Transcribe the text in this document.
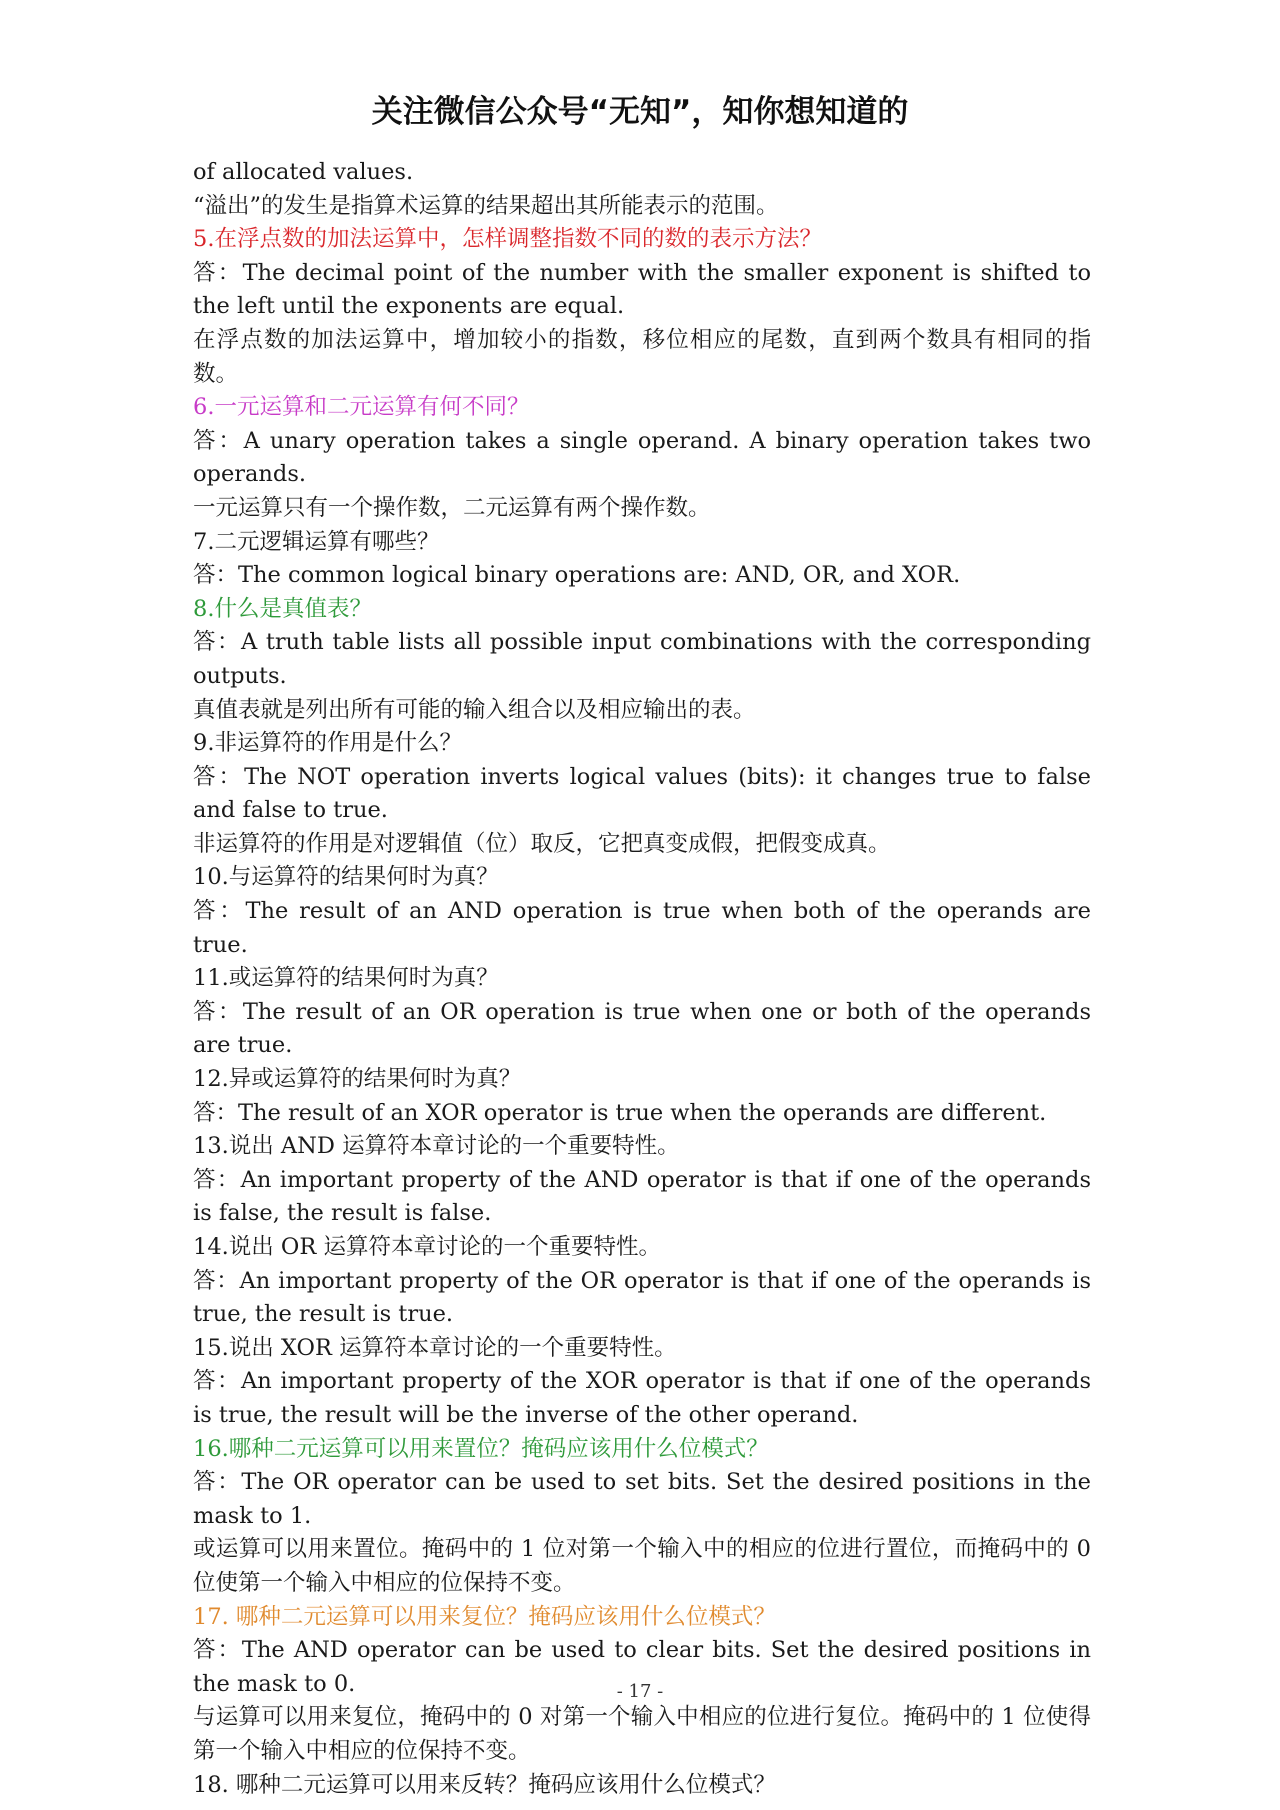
关注微信公众号“无知”，知你想知道的

of allocated values.

“溢出”的发生是指算术运算的结果超出其所能表示的范围。

5.在浮点数的加法运算中，怎样调整指数不同的数的表示方法？

答：The decimal point of the number with the smaller exponent is shifted to the left until the exponents are equal.

在浮点数的加法运算中，增加较小的指数，移位相应的尾数，直到两个数具有相同的指数。

6.一元运算和二元运算有何不同？

答：A unary operation takes a single operand. A binary operation takes two operands.

一元运算只有一个操作数，二元运算有两个操作数。

7.二元逻辑运算有哪些？

答：The common logical binary operations are: AND, OR, and XOR.

8.什么是真值表？

答：A truth table lists all possible input combinations with the corresponding outputs.

真值表就是列出所有可能的输入组合以及相应输出的表。

9.非运算符的作用是什么？

答：The NOT operation inverts logical values (bits): it changes true to false and false to true.

非运算符的作用是对逻辑值（位）取反，它把真变成假，把假变成真。

10.与运算符的结果何时为真？

答：The result of an AND operation is true when both of the operands are true.

11.或运算符的结果何时为真？

答：The result of an OR operation is true when one or both of the operands are true.

12.异或运算符的结果何时为真？

答：The result of an XOR operator is true when the operands are different.

13.说出 AND 运算符本章讨论的一个重要特性。

答：An important property of the AND operator is that if one of the operands is false, the result is false.

14.说出 OR 运算符本章讨论的一个重要特性。

答：An important property of the OR operator is that if one of the operands is true, the result is true.

15.说出 XOR 运算符本章讨论的一个重要特性。

答：An important property of the XOR operator is that if one of the operands is true, the result will be the inverse of the other operand.

16.哪种二元运算可以用来置位？掩码应该用什么位模式？

答：The OR operator can be used to set bits. Set the desired positions in the mask to 1.

或运算可以用来置位。掩码中的 1 位对第一个输入中的相应的位进行置位，而掩码中的 0 位使第一个输入中相应的位保持不变。

17. 哪种二元运算可以用来复位？掩码应该用什么位模式？

答：The AND operator can be used to clear bits. Set the desired positions in the mask to 0.

与运算可以用来复位，掩码中的 0 对第一个输入中相应的位进行复位。掩码中的 1 位使得第一个输入中相应的位保持不变。

18. 哪种二元运算可以用来反转？掩码应该用什么位模式？

- 17 -
